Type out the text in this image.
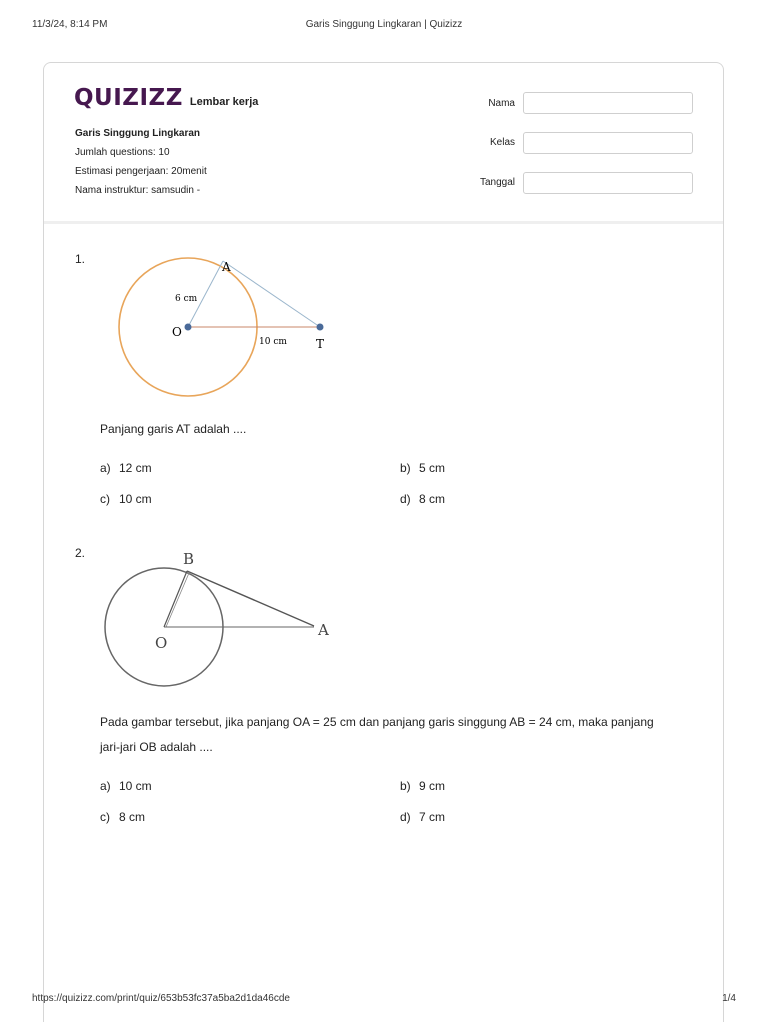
11/3/24, 8:14 PM	Garis Singgung Lingkaran | Quizizz
QUIZIZZ Lembar kerja
Garis Singgung Lingkaran
Jumlah questions: 10
Estimasi pengerjaan: 20menit
Nama instruktur: samsudin -
Nama
Kelas
Tanggal
1.
A
O
T
6 cm
10 cm
Panjang garis AT adalah ....
a) 12 cm	b) 5 cm
c) 10 cm	d) 8 cm
2.	B
O
A
Pada gambar tersebut, jika panjang OA = 25 cm dan panjang garis singgung AB = 24 cm, maka panjang jari-jari OB adalah ....
a) 10 cm	b) 9 cm
c) 8 cm	d) 7 cm
https://quizizz.com/print/quiz/653b53fc37a5ba2d1da46cde	1/4
